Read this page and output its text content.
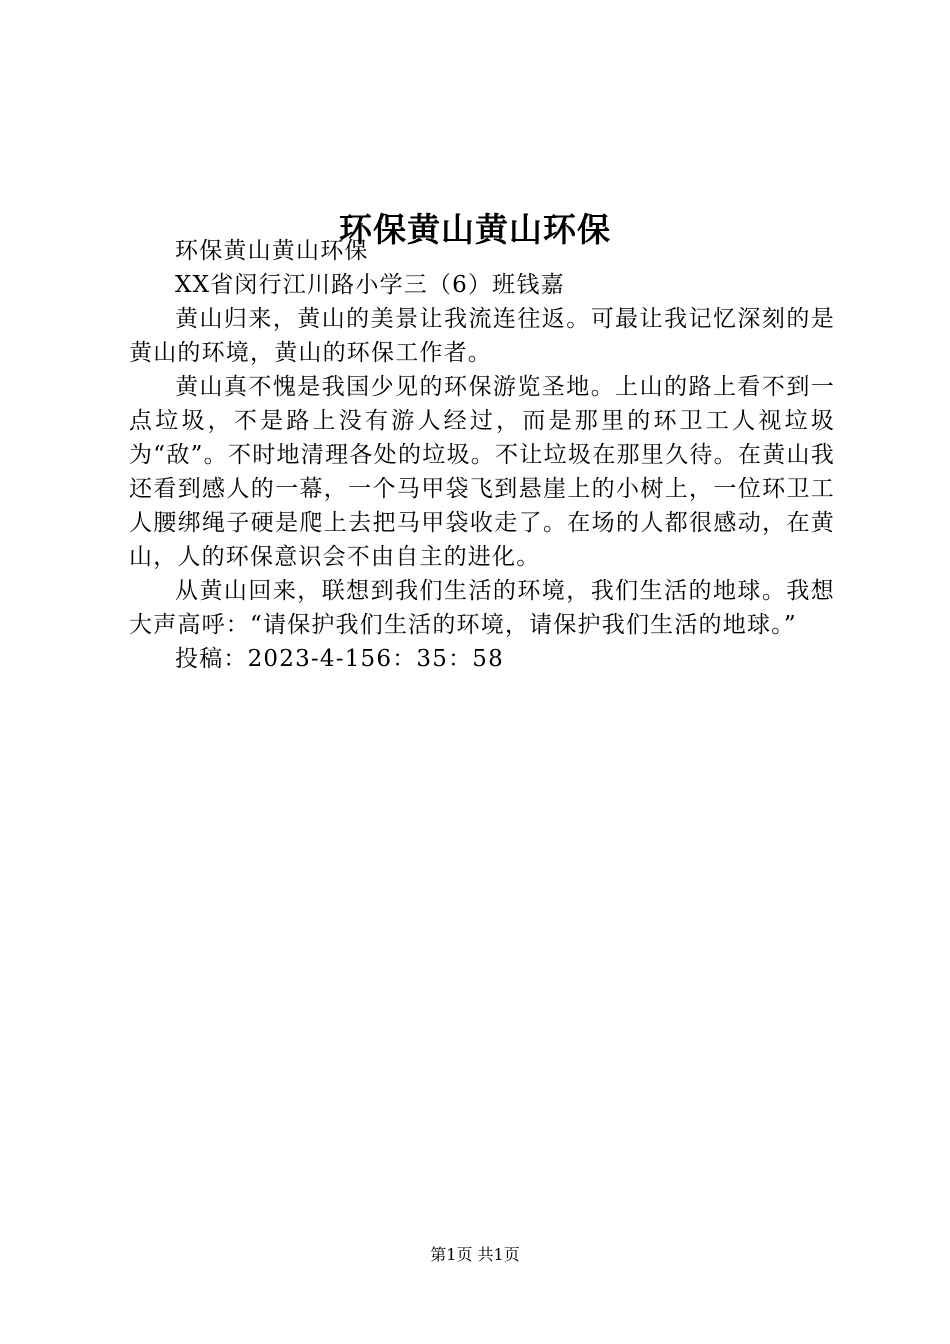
环保黄山黄山环保

环保黄山黄山环保

XX省闵行江川路小学三（6）班钱嘉

黄山归来，黄山的美景让我流连往返。可最让我记忆深刻的是黄山的环境，黄山的环保工作者。

黄山真不愧是我国少见的环保游览圣地。上山的路上看不到一点垃圾，不是路上没有游人经过，而是那里的环卫工人视垃圾为“敌”。不时地清理各处的垃圾。不让垃圾在那里久待。在黄山我还看到感人的一幕，一个马甲袋飞到悬崖上的小树上，一位环卫工人腰绑绳子硬是爬上去把马甲袋收走了。在场的人都很感动，在黄山，人的环保意识会不由自主的进化。

从黄山回来，联想到我们生活的环境，我们生活的地球。我想大声高呼：“请保护我们生活的环境，请保护我们生活的地球。”

投稿：2023-4-156：35：58

第1页 共1页
